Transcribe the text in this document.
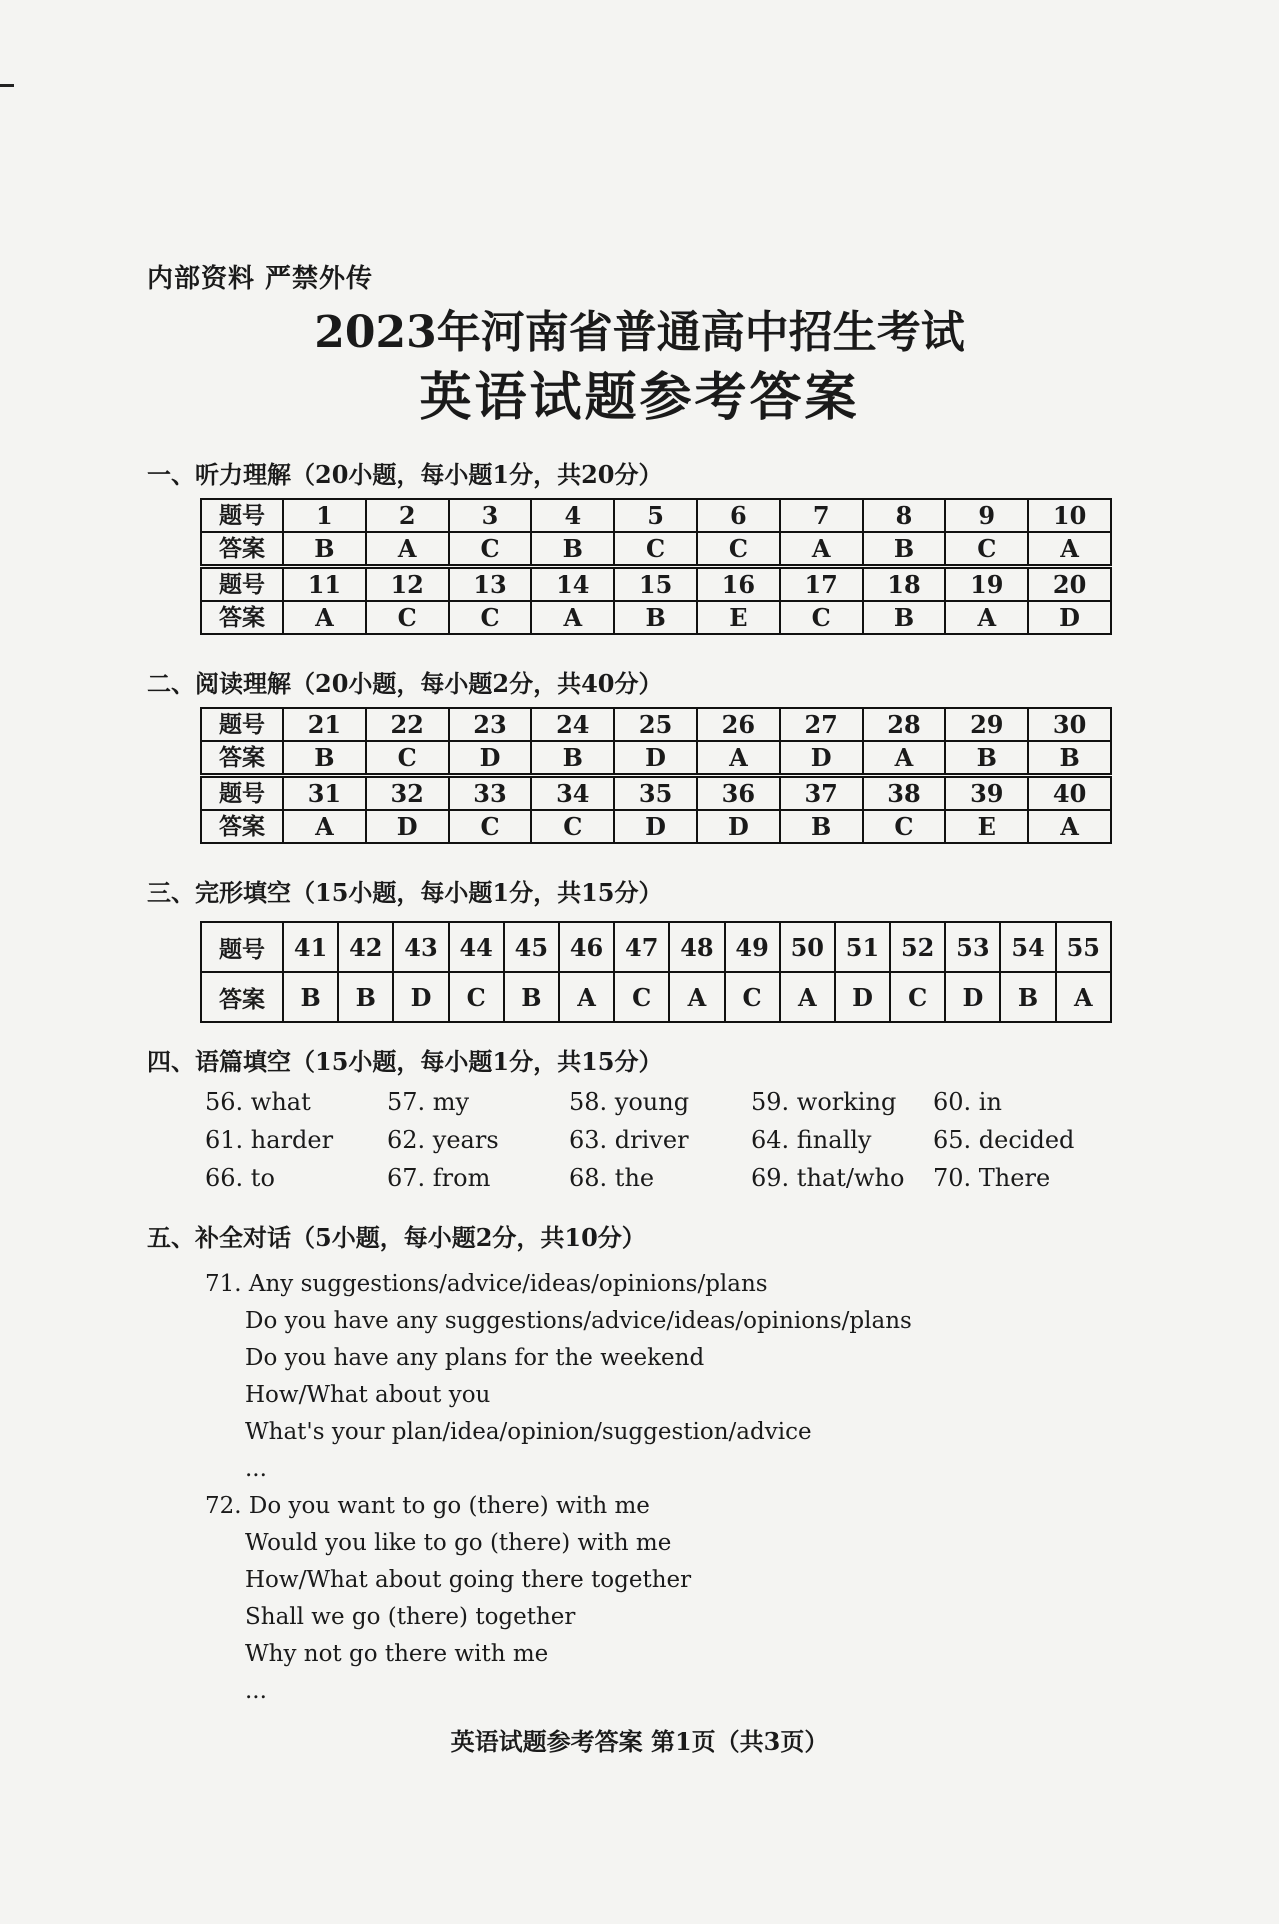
内部资料 严禁外传
2023年河南省普通高中招生考试
英语试题参考答案
一、听力理解（20小题，每小题1分，共20分）
题号	1	2	3	4	5	6	7	8	9	10
答案	B	A	C	B	C	C	A	B	C	A
题号	11	12	13	14	15	16	17	18	19	20
答案	A	C	C	A	B	E	C	B	A	D
二、阅读理解（20小题，每小题2分，共40分）
题号	21	22	23	24	25	26	27	28	29	30
答案	B	C	D	B	D	A	D	A	B	B
题号	31	32	33	34	35	36	37	38	39	40
答案	A	D	C	C	D	D	B	C	E	A
三、完形填空（15小题，每小题1分，共15分）
题号	41	42	43	44	45	46	47	48	49	50	51	52	53	54	55
答案	B	B	D	C	B	A	C	A	C	A	D	C	D	B	A
四、语篇填空（15小题，每小题1分，共15分）
56. what	57. my	58. young	59. working 60. in
61. harder 62. years	63. driver	64. finally	65. decided
66. to	67. from	68. the	69. that/who 70. There
五、补全对话（5小题，每小题2分，共10分）
71. Any suggestions/advice/ideas/opinions/plans
Do you have any suggestions/advice/ideas/opinions/plans
Do you have any plans for the weekend
How/What about you
What's your plan/idea/opinion/suggestion/advice
...
72. Do you want to go (there) with me
Would you like to go (there) with me
How/What about going there together
Shall we go (there) together
Why not go there with me
...
英语试题参考答案 第1页（共3页）
